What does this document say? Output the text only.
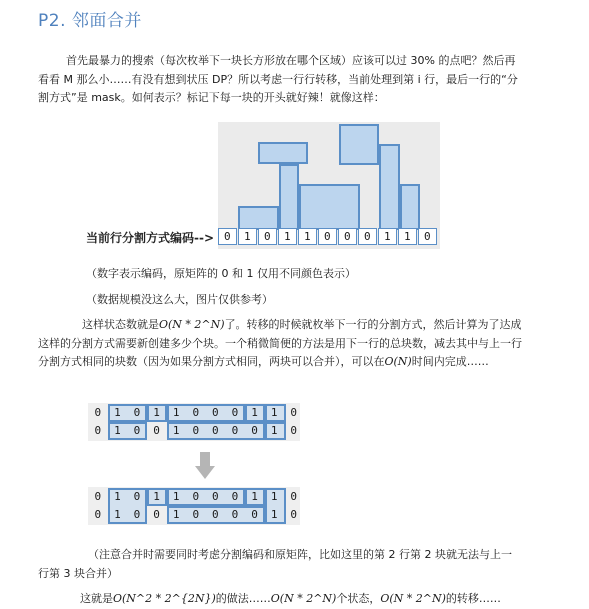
P2. 邻面合并
首先最暴力的搜索（每次枚举下一块长方形放在哪个区域）应该可以过 30% 的点吧？然后再看看 M 那么小……有没有想到状压 DP？所以考虑一行行转移，当前处理到第 i 行，最后一行的“分割方式”是 mask。如何表示？标记下每一块的开头就好辣！就像这样：
当前行分割方式编码--> 0	1	0	1	1	0	0	0	1	1	0
（数字表示编码，原矩阵的 0 和 1 仅用不同颜色表示）
（数据规模没这么大，图片仅供参考）
这样状态数就是O(N * 2^N)了。转移的时候就枚举下一行的分割方式，然后计算为了达成这样的分割方式需要新创建多少个块。一个稍微简便的方法是用下一行的总块数，减去其中与上一行分割方式相同的块数（因为如果分割方式相同，两块可以合并），可以在O(N)时间内完成……
0	1	0	1	1	0	0	0	1	1	0
0	1	0	0	1	0	0	0	0	1	0
0	1	0	1	1	0	0	0	1	1	0
0	1	0	0	1	0	0	0	0	1	0
（注意合并时需要同时考虑分割编码和原矩阵，比如这里的第 2 行第 2 块就无法与上一行第 3 块合并）
这就是O(N^2 * 2^{2N})的做法……O(N * 2^N)个状态，O(N * 2^N)的转移……
